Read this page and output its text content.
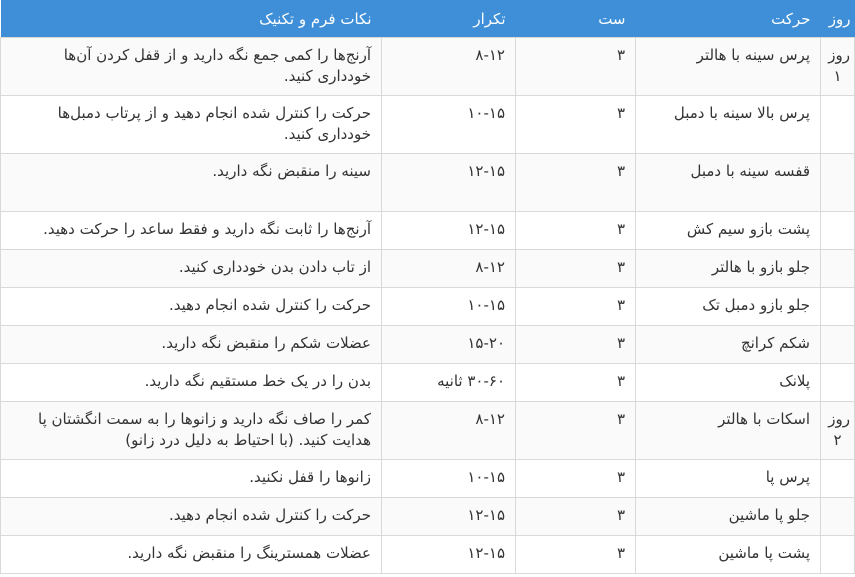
روز	حرکت	ست	تکرار	نکات فرم و تکنیک

روز
۱	پرس سینه با هالتر	۳	۸-۱۲	آرنج‌ها را کمی جمع نگه دارید و از قفل کردن آن‌ها خودداری کنید.
	پرس بالا سینه با دمبل	۳	۱۰-۱۵	حرکت را کنترل شده انجام دهید و از پرتاب دمبل‌ها خودداری کنید.
	قفسه سینه با دمبل	۳	۱۲-۱۵	سینه را منقبض نگه دارید.
	پشت بازو سیم کش	۳	۱۲-۱۵	آرنج‌ها را ثابت نگه دارید و فقط ساعد را حرکت دهید.
	جلو بازو با هالتر	۳	۸-۱۲	از تاب دادن بدن خودداری کنید.
	جلو بازو دمبل تک	۳	۱۰-۱۵	حرکت را کنترل شده انجام دهید.
	شکم کرانچ	۳	۱۵-۲۰	عضلات شکم را منقبض نگه دارید.
	پلانک	۳	۳۰-۶۰ ثانیه	بدن را در یک خط مستقیم نگه دارید.

روز
۲	اسکات با هالتر	۳	۸-۱۲	کمر را صاف نگه دارید و زانوها را به سمت انگشتان پا هدایت کنید. (با احتیاط به دلیل درد زانو)
	پرس پا	۳	۱۰-۱۵	زانوها را قفل نکنید.
	جلو پا ماشین	۳	۱۲-۱۵	حرکت را کنترل شده انجام دهید.
	پشت پا ماشین	۳	۱۲-۱۵	عضلات همسترینگ را منقبض نگه دارید.
